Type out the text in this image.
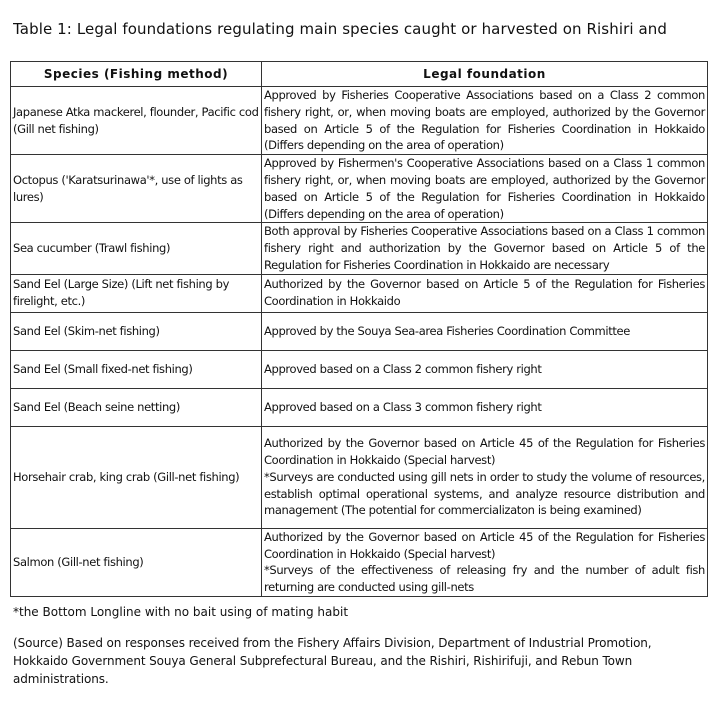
Table 1: Legal foundations regulating main species caught or harvested on Rishiri and
Species (Fishing method)	Legal foundation
Japanese Atka mackerel, flounder, Pacific cod (Gill net fishing)	Approved by Fisheries Cooperative Associations based on a Class 2 common fishery right, or, when moving boats are employed, authorized by the Governor based on Article 5 of the Regulation for Fisheries Coordination in Hokkaido (Differs depending on the area of operation)
Octopus ('Karatsurinawa'*, use of lights as lures)	Approved by Fishermen's Cooperative Associations based on a Class 1 common fishery right, or, when moving boats are employed, authorized by the Governor based on Article 5 of the Regulation for Fisheries Coordination in Hokkaido (Differs depending on the area of operation)
Sea cucumber (Trawl fishing)	Both approval by Fisheries Cooperative Associations based on a Class 1 common fishery right and authorization by the Governor based on Article 5 of the Regulation for Fisheries Coordination in Hokkaido are necessary
Sand Eel (Large Size) (Lift net fishing by firelight, etc.)	Authorized by the Governor based on Article 5 of the Regulation for Fisheries Coordination in Hokkaido
Sand Eel (Skim-net fishing)	Approved by the Souya Sea-area Fisheries Coordination Committee
Sand Eel (Small fixed-net fishing)	Approved based on a Class 2 common fishery right
Sand Eel (Beach seine netting)	Approved based on a Class 3 common fishery right
Horsehair crab, king crab (Gill-net fishing)	Authorized by the Governor based on Article 45 of the Regulation for Fisheries Coordination in Hokkaido (Special harvest)
*Surveys are conducted using gill nets in order to study the volume of resources, establish optimal operational systems, and analyze resource distribution and management (The potential for commercializaton is being examined)
Salmon (Gill-net fishing)	Authorized by the Governor based on Article 45 of the Regulation for Fisheries Coordination in Hokkaido (Special harvest)
*Surveys of the effectiveness of releasing fry and the number of adult fish returning are conducted using gill-nets
*the Bottom Longline with no bait using of mating habit
(Source) Based on responses received from the Fishery Affairs Division, Department of Industrial Promotion, Hokkaido Government Souya General Subprefectural Bureau, and the Rishiri, Rishirifuji, and Rebun Town administrations.
